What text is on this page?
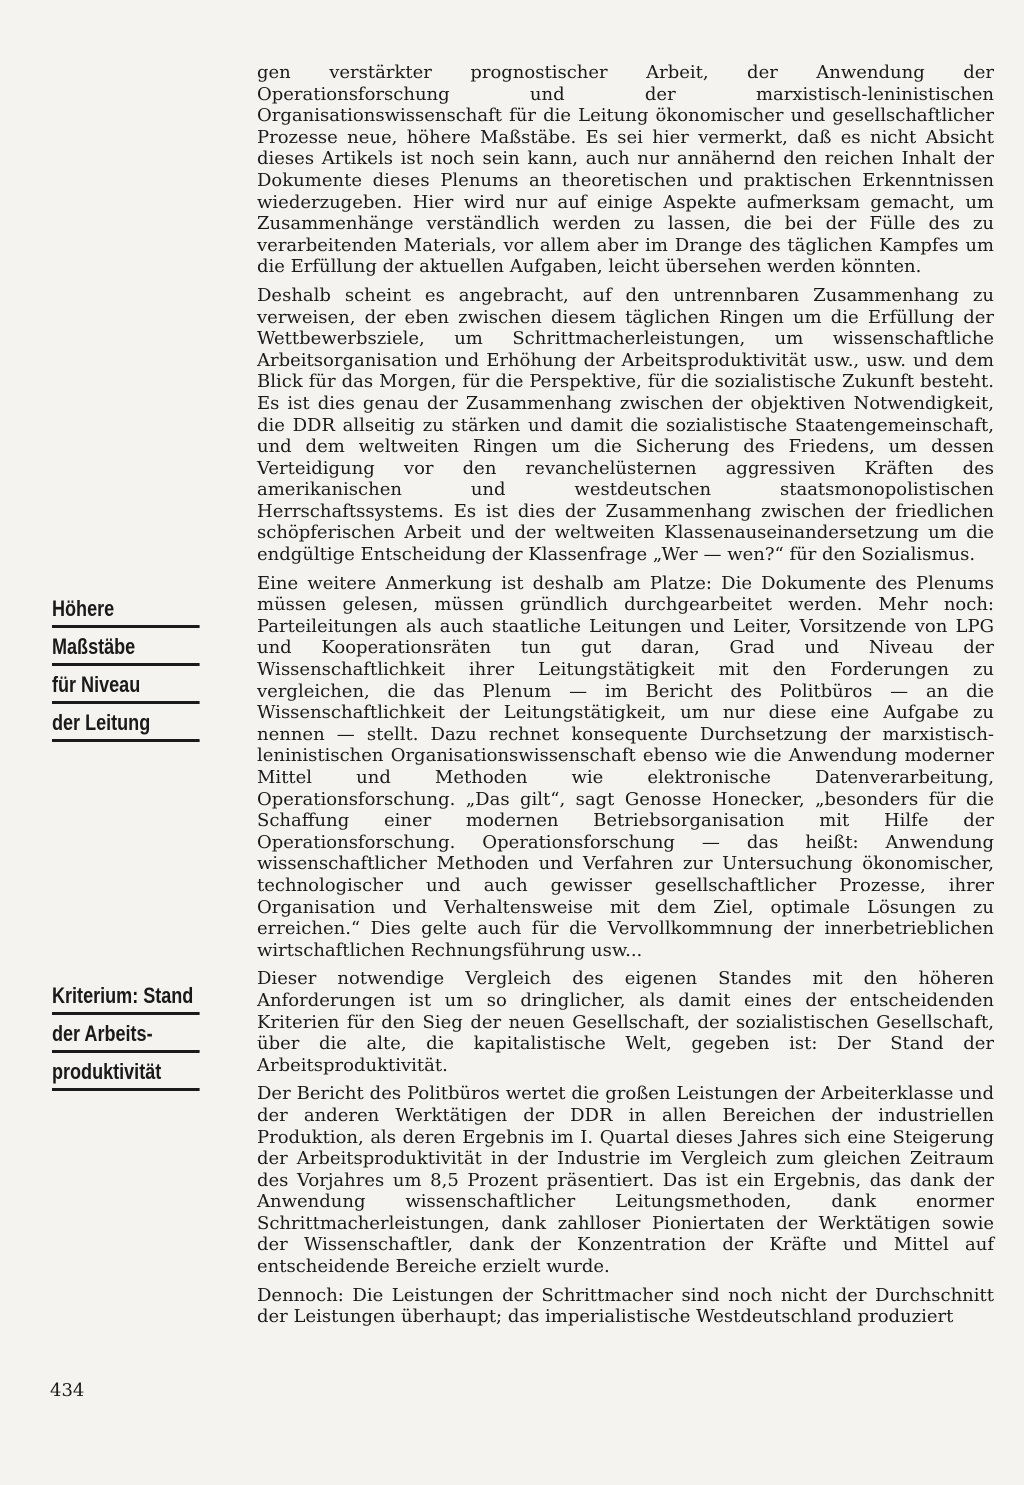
gen verstärkter prognostischer Arbeit, der Anwendung der Operationsforschung und der marxistisch-leninistischen Organisationswissenschaft für die Leitung ökonomischer und gesellschaftlicher Prozesse neue, höhere Maßstäbe. Es sei hier vermerkt, daß es nicht Absicht dieses Artikels ist noch sein kann, auch nur annähernd den reichen Inhalt der Dokumente dieses Plenums an theoretischen und praktischen Erkenntnissen wiederzugeben. Hier wird nur auf einige Aspekte aufmerksam gemacht, um Zusammenhänge verständlich werden zu lassen, die bei der Fülle des zu verarbeitenden Materials, vor allem aber im Drange des täglichen Kampfes um die Erfüllung der aktuellen Aufgaben, leicht übersehen werden könnten.

Deshalb scheint es angebracht, auf den untrennbaren Zusammenhang zu verweisen, der eben zwischen diesem täglichen Ringen um die Erfüllung der Wettbewerbsziele, um Schrittmacherleistungen, um wissenschaftliche Arbeitsorganisation und Erhöhung der Arbeitsproduktivität usw., usw. und dem Blick für das Morgen, für die Perspektive, für die sozialistische Zukunft besteht. Es ist dies genau der Zusammenhang zwischen der objektiven Notwendigkeit, die DDR allseitig zu stärken und damit die sozialistische Staatengemeinschaft, und dem weltweiten Ringen um die Sicherung des Friedens, um dessen Verteidigung vor den revanchelüsternen aggressiven Kräften des amerikanischen und westdeutschen staatsmonopolistischen Herrschaftssystems. Es ist dies der Zusammenhang zwischen der friedlichen schöpferischen Arbeit und der weltweiten Klassenauseinandersetzung um die endgültige Entscheidung der Klassenfrage „Wer — wen?“ für den Sozialismus.

Eine weitere Anmerkung ist deshalb am Platze: Die Dokumente des Plenums müssen gelesen, müssen gründlich durchgearbeitet werden. Mehr noch: Parteileitungen als auch staatliche Leitungen und Leiter, Vorsitzende von LPG und Kooperationsräten tun gut daran, Grad und Niveau der Wissenschaftlichkeit ihrer Leitungstätigkeit mit den Forderungen zu vergleichen, die das Plenum — im Bericht des Politbüros — an die Wissenschaftlichkeit der Leitungstätigkeit, um nur diese eine Aufgabe zu nennen — stellt. Dazu rechnet konsequente Durchsetzung der marxistisch-leninistischen Organisationswissenschaft ebenso wie die Anwendung moderner Mittel und Methoden wie elektronische Datenverarbeitung, Operationsforschung. „Das gilt“, sagt Genosse Honecker, „besonders für die Schaffung einer modernen Betriebsorganisation mit Hilfe der Operationsforschung. Operationsforschung — das heißt: Anwendung wissenschaftlicher Methoden und Verfahren zur Untersuchung ökonomischer, technologischer und auch gewisser gesellschaftlicher Prozesse, ihrer Organisation und Verhaltensweise mit dem Ziel, optimale Lösungen zu erreichen.“ Dies gelte auch für die Vervollkommnung der innerbetrieblichen wirtschaftlichen Rechnungsführung usw...

Dieser notwendige Vergleich des eigenen Standes mit den höheren Anforderungen ist um so dringlicher, als damit eines der entscheidenden Kriterien für den Sieg der neuen Gesellschaft, der sozialistischen Gesellschaft, über die alte, die kapitalistische Welt, gegeben ist: Der Stand der Arbeitsproduktivität.

Der Bericht des Politbüros wertet die großen Leistungen der Arbeiterklasse und der anderen Werktätigen der DDR in allen Bereichen der industriellen Produktion, als deren Ergebnis im I. Quartal dieses Jahres sich eine Steigerung der Arbeitsproduktivität in der Industrie im Vergleich zum gleichen Zeitraum des Vorjahres um 8,5 Prozent präsentiert. Das ist ein Ergebnis, das dank der Anwendung wissenschaftlicher Leitungsmethoden, dank enormer Schrittmacherleistungen, dank zahlloser Pioniertaten der Werktätigen sowie der Wissenschaftler, dank der Konzentration der Kräfte und Mittel auf entscheidende Bereiche erzielt wurde.

Dennoch: Die Leistungen der Schrittmacher sind noch nicht der Durchschnitt der Leistungen überhaupt; das imperialistische Westdeutschland produziert

Höhere
Maßstäbe
für Niveau
der Leitung
Kriterium: Stand
der Arbeits-
produktivität
434
